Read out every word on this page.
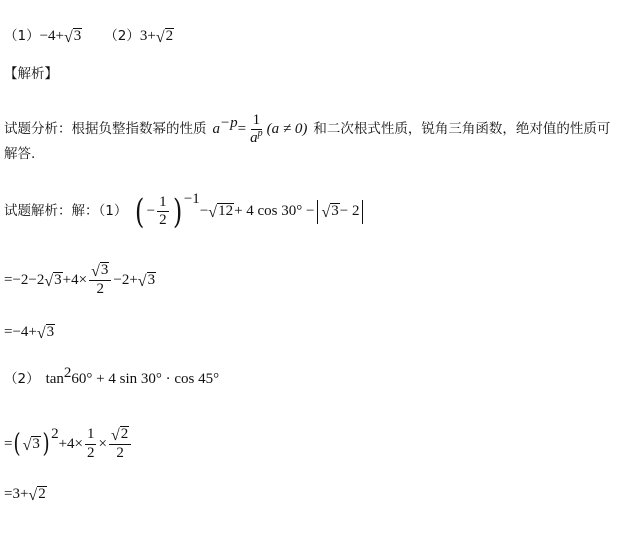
（1） −4+ √ 3 （2） 3+ √ 2
【解析】
试题分析：根据负整指数幂的性质 $a^{-p} = \frac{1}{a^p} (a \ne 0)$ 和二次根式性质，锐角三角函数，绝对值的性质可
解答.
试题解析：解：（1） ( − $\frac{1}{2} )^{-1}$
− √ 12 + 4 cos 30° − √ 3 − 2
=−2−2 √ $3 +4\times \frac{√ 3}{2} -2+$ √ 3
=−4+ √ 3
（2） $\tan^2 60^\circ + 4$ sin 30° · cos 45°
= ( √ 3 )$^2$
$+4\times \frac{1}{2} \times \frac{√ 2}{2}$
=3+ √ 2
